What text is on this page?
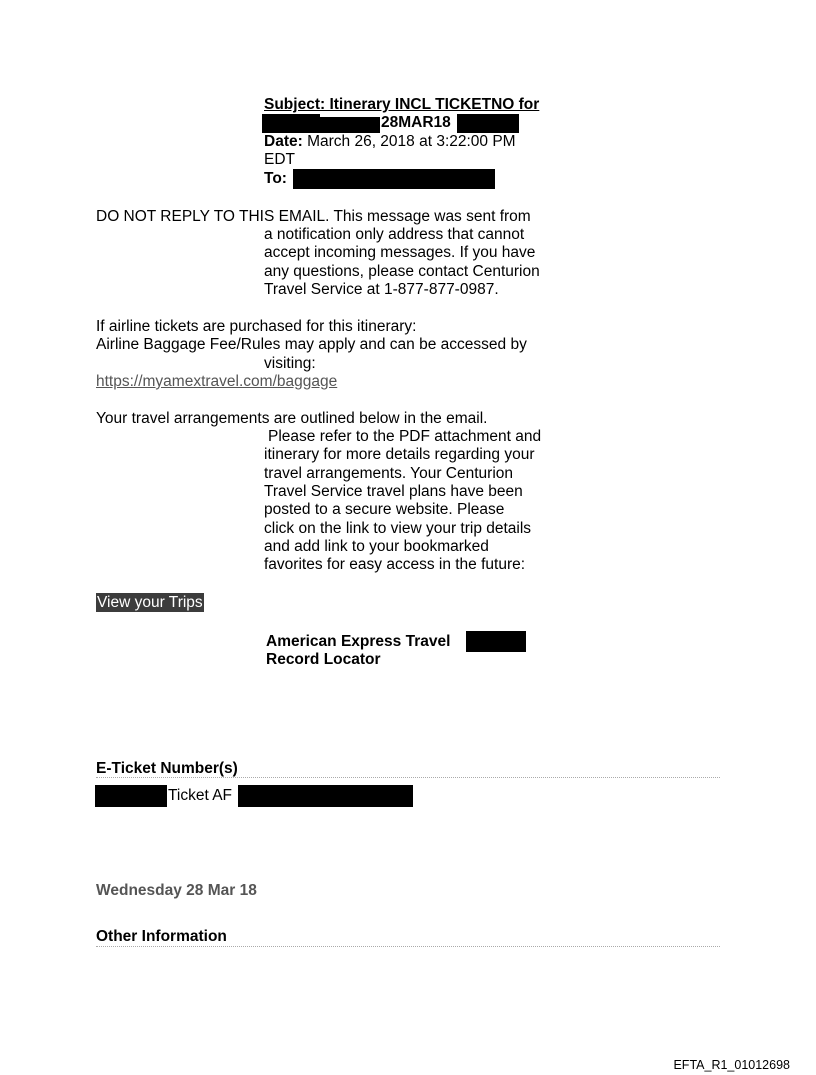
Subject: Itinerary INCL TICKETNO for
28MAR18
Date: March 26, 2018 at 3:22:00 PM
EDT
To:
DO NOT REPLY TO THIS EMAIL. This message was sent from
a notification only address that cannot
accept incoming messages. If you have
any questions, please contact Centurion
Travel Service at 1-877-877-0987.
If airline tickets are purchased for this itinerary:
Airline Baggage Fee/Rules may apply and can be accessed by
visiting:
https://myamextravel.com/baggage
Your travel arrangements are outlined below in the email.
Please refer to the PDF attachment and
itinerary for more details regarding your
travel arrangements. Your Centurion
Travel Service travel plans have been
posted to a secure website. Please
click on the link to view your trip details
and add link to your bookmarked
favorites for easy access in the future:
View your Trips
American Express Travel
Record Locator
E-Ticket Number(s)
Ticket AF
Wednesday 28 Mar 18
Other Information
EFTA_R1_01012698
